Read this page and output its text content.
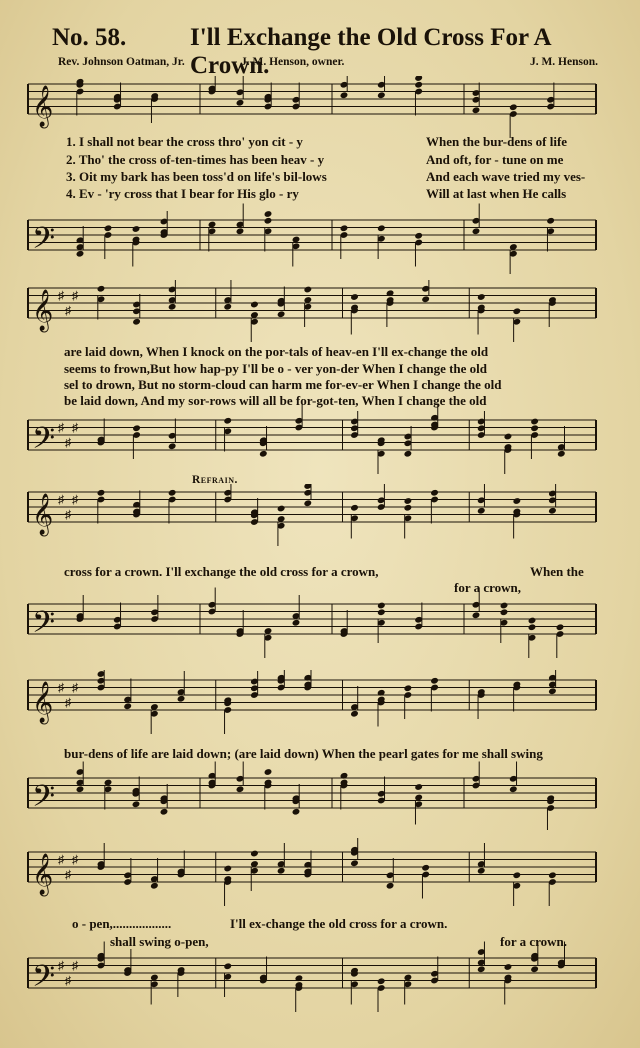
No. 58.	I'll Exchange the Old Cross For A Crown.
Rev. Johnson Oatman, Jr.	J. M. Henson, owner.	J. M. Henson.
𝄞
𝄢
1. I shall not bear the cross thro' yon cit - y	When the bur-dens of life
2. Tho' the cross of-ten-times has been heav - y	And oft, for - tune on me
3. Oit my bark has been toss'd on life's bil-lows	And each wave tried my ves-
4. Ev - 'ry cross that I bear for His glo - ry	Will at last when He calls
𝄞 ♯
♯
♯
𝄢 ♯
♯
♯
are laid down, When I knock on the por-tals of heav-en I'll ex-change the old
seems to frown,But how hap-py I'll be o - ver yon-der When I change the old
sel to drown, But no storm-cloud can harm me for-ev-er When I change the old
be laid down, And my sor-rows will all be for-got-ten, When I change the old
Refrain.
𝄞 ♯
♯
♯
𝄢
cross for a crown. I'll exchange the old cross for a crown,	When the
for a crown,
𝄞 ♯
♯
♯
𝄢
bur-dens of life are laid down; (are laid down) When the pearl gates for me shall swing
𝄞 ♯
♯
♯
𝄢 ♯
♯
♯
o - pen,..................	I'll ex-change the old cross for a crown.
shall swing o-pen,	for a crown.
